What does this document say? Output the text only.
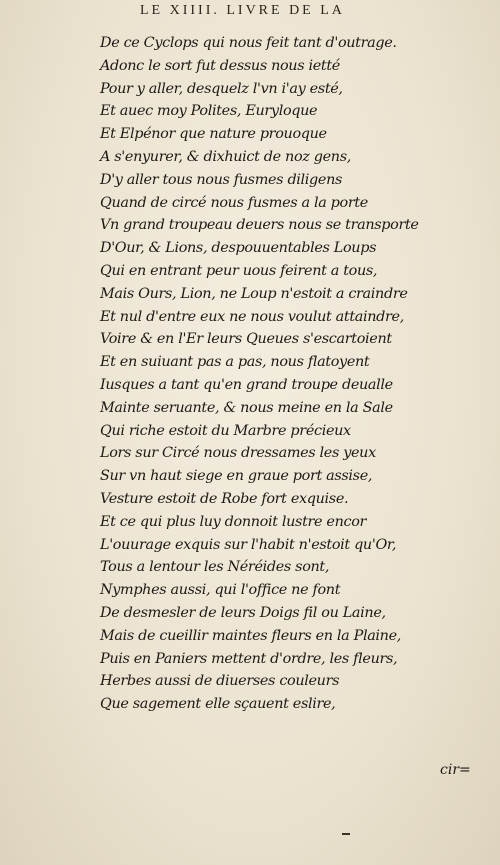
LE XIIII. LIVRE DE LA
De ce Cyclops qui nous feit tant d'outrage.
Adonc le sort fut dessus nous ietté
Pour y aller, desquelz l'vn i'ay esté,
Et auec moy Polites, Euryloque
Et Elpénor que nature prouoque
A s'enyurer, & dixhuict de noz gens,
D'y aller tous nous fusmes diligens
Quand de circé nous fusmes a la porte
Vn grand troupeau deuers nous se transporte
D'Our, & Lions, despouuentables Loups
Qui en entrant peur uous feirent a tous,
Mais Ours, Lion, ne Loup n'estoit a craindre
Et nul d'entre eux ne nous voulut attaindre,
Voire & en l'Er leurs Queues s'escartoient
Et en suiuant pas a pas, nous flatoyent
Iusques a tant qu'en grand troupe deualle
Mainte seruante, & nous meine en la Sale
Qui riche estoit du Marbre précieux
Lors sur Circé nous dressames les yeux
Sur vn haut siege en graue port assise,
Vesture estoit de Robe fort exquise.
Et ce qui plus luy donnoit lustre encor
L'ouurage exquis sur l'habit n'estoit qu'Or,
Tous a lentour les Néréides sont,
Nymphes aussi, qui l'office ne font
De desmesler de leurs Doigs fil ou Laine,
Mais de cueillir maintes fleurs en la Plaine,
Puis en Paniers mettent d'ordre, les fleurs,
Herbes aussi de diuerses couleurs
Que sagement elle sçauent eslire,
cir=
